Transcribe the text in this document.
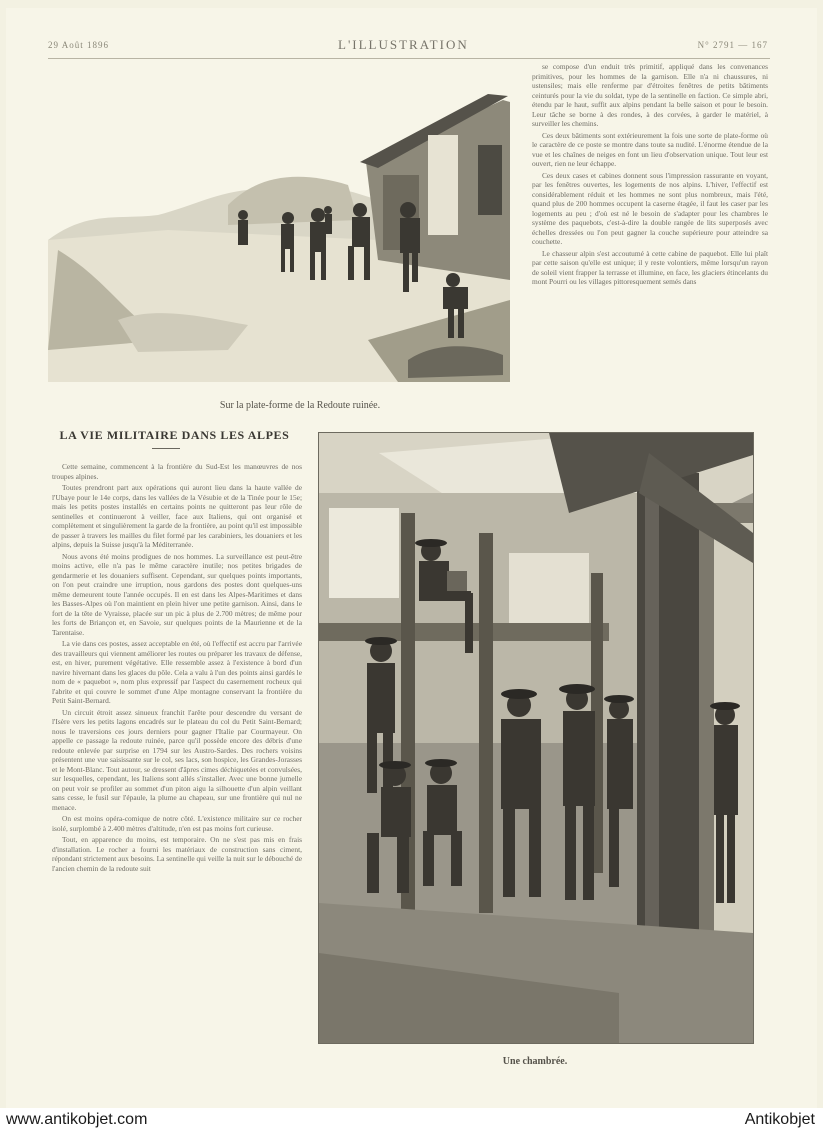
29 Août 1896	L'ILLUSTRATION	N° 2791 — 167
Sur la plate-forme de la Redoute ruinée.

se compose d'un enduit très primitif, appliqué dans les convenances primitives, pour les hommes de la garnison. Elle n'a ni chaussures, ni ustensiles; mais elle renferme par d'étroites fenêtres de petits bâtiments ceinturés pour la vie du soldat, type de la sentinelle en faction. Ce simple abri, étendu par le haut, suffit aux alpins pendant la belle saison et pour le besoin. Leur tâche se borne à des rondes, à des corvées, à garder le matériel, à surveiller les chemins.

Ces deux bâtiments sont extérieurement la fois une sorte de plate-forme où le caractère de ce poste se montre dans toute sa nudité. L'énorme étendue de la vue et les chaînes de neiges en font un lieu d'observation unique. Tout leur est ouvert, rien ne leur échappe.

Ces deux cases et cabines donnent sous l'impression rassurante en voyant, par les fenêtres ouvertes, les logements de nos alpins. L'hiver, l'effectif est considérablement réduit et les hommes ne sont plus nombreux, mais l'été, quand plus de 200 hommes occupent la caserne étagée, il faut les caser par les logements au peu ; d'où est né le besoin de s'adapter pour les chambres le système des paquebots, c'est-à-dire la double rangée de lits superposés avec échelles dressées ou l'on peut gagner la couche supérieure pour atteindre sa couchette.

Le chasseur alpin s'est accoutumé à cette cabine de paquebot. Elle lui plaît par cette saison qu'elle est unique; il y reste volontiers, même lorsqu'un rayon de soleil vient frapper la terrasse et illumine, en face, les glaciers étincelants du mont Pourri ou les villages pittoresquement semés dans

LA VIE MILITAIRE DANS LES ALPES

Cette semaine, commencent à la frontière du Sud-Est les manœuvres de nos troupes alpines.

Toutes prendront part aux opérations qui auront lieu dans la haute vallée de l'Ubaye pour le 14e corps, dans les vallées de la Vésubie et de la Tinée pour le 15e; mais les petits postes installés en certains points ne quitteront pas leur rôle de sentinelles et continueront à veiller, face aux Italiens, qui ont organisé et complètement et singulièrement la garde de la frontière, au point qu'il est impossible de passer à travers les mailles du filet formé par les carabiniers, les douaniers et les alpins, depuis la Suisse jusqu'à la Méditerranée.

Nous avons été moins prodigues de nos hommes. La surveillance est peut-être moins active, elle n'a pas le même caractère inutile; nos petites brigades de gendarmerie et les douaniers suffisent. Cependant, sur quelques points importants, on l'on peut craindre une irruption, nous gardons des postes dont quelques-uns même demeurent toute l'année occupés. Il en est dans les Alpes-Maritimes et dans les Basses-Alpes où l'on maintient en plein hiver une petite garnison. Ainsi, dans le fort de la tête de Vyraisse, placée sur un pic à plus de 2.700 mètres; de même pour les forts de Briançon et, en Savoie, sur quelques points de la Maurienne et de la Tarentaise.

La vie dans ces postes, assez acceptable en été, où l'effectif est accru par l'arrivée des travailleurs qui viennent améliorer les routes ou préparer les travaux de défense, est, en hiver, purement végétative. Elle ressemble assez à l'existence à bord d'un navire hivernant dans les glaces du pôle. Cela a valu à l'un des points ainsi gardés le nom de « paquebot », nom plus expressif par l'aspect du casernement rocheux qui l'abrite et qui couvre le sommet d'une Alpe montagne conservant la frontière du Petit Saint-Bernard.

Un circuit étroit assez sinueux franchit l'arête pour descendre du versant de l'Isère vers les petits lagons encadrés sur le plateau du col du Petit Saint-Bernard; nous le traversions ces jours derniers pour gagner l'Italie par Courmayeur. On appelle ce passage la redoute ruinée, parce qu'il possède encore des débris d'une redoute enlevée par surprise en 1794 sur les Austro-Sardes. Des rochers voisins présentent une vue saisissante sur le col, ses lacs, son hospice, les Grandes-Jorasses et le Mont-Blanc. Tout autour, se dressent d'âpres cimes déchiquetées et convulsées, sur lesquelles, cependant, les Italiens sont allés s'installer. Avec une bonne jumelle on peut voir se profiler au sommet d'un piton aigu la silhouette d'un alpin veillant sans cesse, le fusil sur l'épaule, la plume au chapeau, sur une frontière qui nul ne menace.

On est moins opéra-comique de notre côté. L'existence militaire sur ce rocher isolé, surplombé à 2.400 mètres d'altitude, n'en est pas moins fort curieuse.

Tout, en apparence du moins, est temporaire. On ne s'est pas mis en frais d'installation. Le rocher a fourni les matériaux de construction sans ciment, répondant strictement aux besoins. La sentinelle qui veille la nuit sur le débouché de l'ancien chemin de la redoute suit

Une chambrée.
www.antikobjet.com	Antikobjet
